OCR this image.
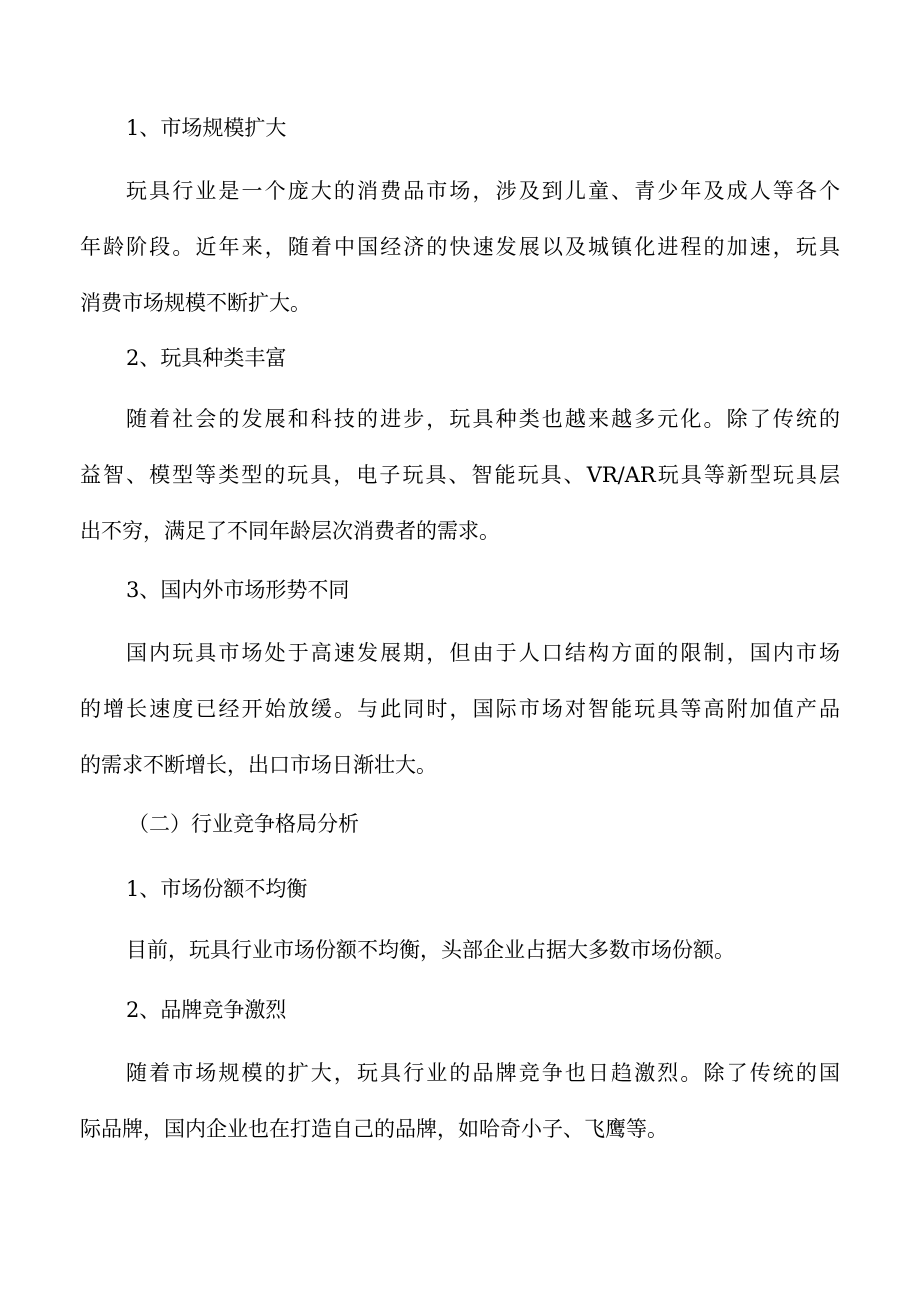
1、市场规模扩大
玩具行业是一个庞大的消费品市场，涉及到儿童、青少年及成人等各个
年龄阶段。近年来，随着中国经济的快速发展以及城镇化进程的加速，玩具
消费市场规模不断扩大。
2、玩具种类丰富
随着社会的发展和科技的进步，玩具种类也越来越多元化。除了传统的
益智、模型等类型的玩具，电子玩具、智能玩具、VR/AR玩具等新型玩具层
出不穷，满足了不同年龄层次消费者的需求。
3、国内外市场形势不同
国内玩具市场处于高速发展期，但由于人口结构方面的限制，国内市场
的增长速度已经开始放缓。与此同时，国际市场对智能玩具等高附加值产品
的需求不断增长，出口市场日渐壮大。
（二）行业竞争格局分析
1、市场份额不均衡
目前，玩具行业市场份额不均衡，头部企业占据大多数市场份额。
2、品牌竞争激烈
随着市场规模的扩大，玩具行业的品牌竞争也日趋激烈。除了传统的国
际品牌，国内企业也在打造自己的品牌，如哈奇小子、飞鹰等。
